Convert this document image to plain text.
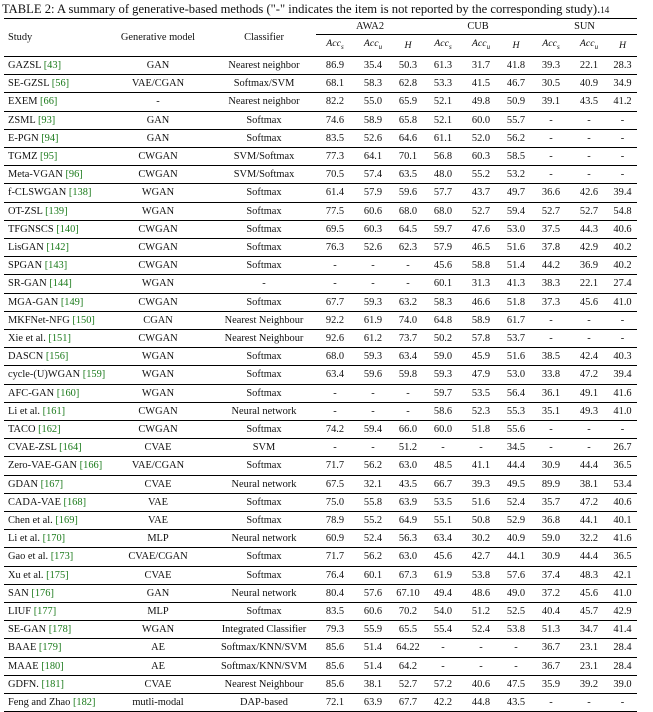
TABLE 2: A summary of generative-based methods ("-" indicates the item is not reported by the corresponding study).14
Study	Generative model	Classifier	AWA2			CUB			SUN		
			Acc$_s$	Acc$_u$	H	Acc$_s$	Acc$_u$	H	Acc$_s$	Acc$_u$	H
GAZSL [43]	GAN	Nearest neighbor	86.9	35.4	50.3	61.3	31.7	41.8	39.3	22.1	28.3
SE-GZSL [56]	VAE/CGAN	Softmax/SVM	68.1	58.3	62.8	53.3	41.5	46.7	30.5	40.9	34.9
EXEM [66]	-	Nearest neighbor	82.2	55.0	65.9	52.1	49.8	50.9	39.1	43.5	41.2
ZSML [93]	GAN	Softmax	74.6	58.9	65.8	52.1	60.0	55.7	-	-	-
E-PGN [94]	GAN	Softmax	83.5	52.6	64.6	61.1	52.0	56.2	-	-	-
TGMZ [95]	CWGAN	SVM/Softmax	77.3	64.1	70.1	56.8	60.3	58.5	-	-	-
Meta-VGAN [96]	CWGAN	SVM/Softmax	70.5	57.4	63.5	48.0	55.2	53.2	-	-	-
f-CLSWGAN [138]	WGAN	Softmax	61.4	57.9	59.6	57.7	43.7	49.7	36.6	42.6	39.4
OT-ZSL [139]	WGAN	Softmax	77.5	60.6	68.0	68.0	52.7	59.4	52.7	52.7	54.8
TFGNSCS [140]	CWGAN	Softmax	69.5	60.3	64.5	59.7	47.6	53.0	37.5	44.3	40.6
LisGAN [142]	CWGAN	Softmax	76.3	52.6	62.3	57.9	46.5	51.6	37.8	42.9	40.2
SPGAN [143]	CWGAN	Softmax	-	-	-	45.6	58.8	51.4	44.2	36.9	40.2
SR-GAN [144]	WGAN	-	-	-	-	60.1	31.3	41.3	38.3	22.1	27.4
MGA-GAN [149]	CWGAN	Softmax	67.7	59.3	63.2	58.3	46.6	51.8	37.3	45.6	41.0
MKFNet-NFG [150]	CGAN	Nearest Neighbour	92.2	61.9	74.0	64.8	58.9	61.7	-	-	-
Xie et al. [151]	CWGAN	Nearest Neighbour	92.6	61.2	73.7	50.2	57.8	53.7	-	-	-
DASCN [156]	WGAN	Softmax	68.0	59.3	63.4	59.0	45.9	51.6	38.5	42.4	40.3
cycle-(U)WGAN [159]	WGAN	Softmax	63.4	59.6	59.8	59.3	47.9	53.0	33.8	47.2	39.4
AFC-GAN [160]	WGAN	Softmax	-	-	-	59.7	53.5	56.4	36.1	49.1	41.6
Li et al. [161]	CWGAN	Neural network	-	-	-	58.6	52.3	55.3	35.1	49.3	41.0
TACO [162]	CWGAN	Softmax	74.2	59.4	66.0	60.0	51.8	55.6	-	-	-
CVAE-ZSL [164]	CVAE	SVM	-	-	51.2	-	-	34.5	-	-	26.7
Zero-VAE-GAN [166]	VAE/CGAN	Softmax	71.7	56.2	63.0	48.5	41.1	44.4	30.9	44.4	36.5
GDAN [167]	CVAE	Neural network	67.5	32.1	43.5	66.7	39.3	49.5	89.9	38.1	53.4
CADA-VAE [168]	VAE	Softmax	75.0	55.8	63.9	53.5	51.6	52.4	35.7	47.2	40.6
Chen et al. [169]	VAE	Softmax	78.9	55.2	64.9	55.1	50.8	52.9	36.8	44.1	40.1
Li et al. [170]	MLP	Neural network	60.9	52.4	56.3	63.4	30.2	40.9	59.0	32.2	41.6
Gao et al. [173]	CVAE/CGAN	Softmax	71.7	56.2	63.0	45.6	42.7	44.1	30.9	44.4	36.5
Xu et al. [175]	CVAE	Softmax	76.4	60.1	67.3	61.9	53.8	57.6	37.4	48.3	42.1
SAN [176]	GAN	Neural network	80.4	57.6	67.10	49.4	48.6	49.0	37.2	45.6	41.0
LIUF [177]	MLP	Softmax	83.5	60.6	70.2	54.0	51.2	52.5	40.4	45.7	42.9
SE-GAN [178]	WGAN	Integrated Classifier	79.3	55.9	65.5	55.4	52.4	53.8	51.3	34.7	41.4
BAAE [179]	AE	Softmax/KNN/SVM	85.6	51.4	64.22	-	-	-	36.7	23.1	28.4
MAAE [180]	AE	Softmax/KNN/SVM	85.6	51.4	64.2	-	-	-	36.7	23.1	28.4
GDFN. [181]	CVAE	Nearest Neighbour	85.6	38.1	52.7	57.2	40.6	47.5	35.9	39.2	39.0
Feng and Zhao [182]	mutli-modal	DAP-based	72.1	63.9	67.7	42.2	44.8	43.5	-	-	-
